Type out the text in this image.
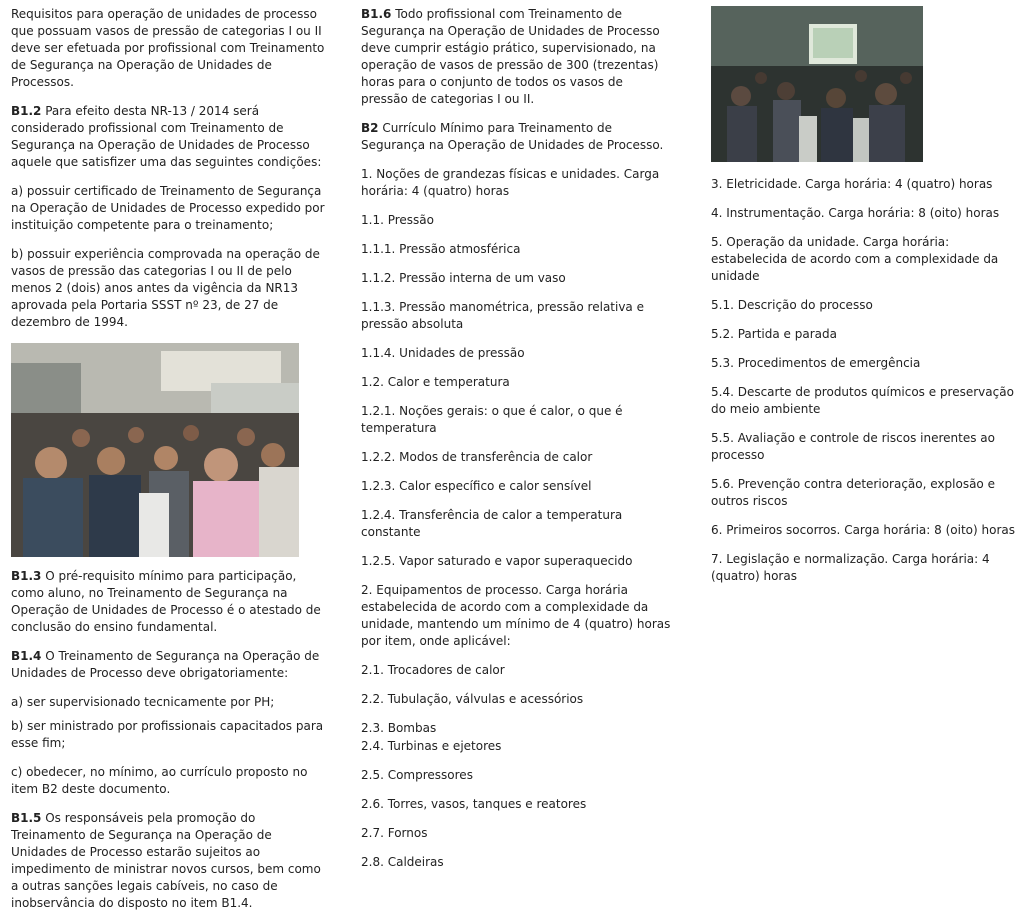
Requisitos para operação de unidades de processo que possuam vasos de pressão de categorias I ou II deve ser efetuada por profissional com Treinamento de Segurança na Operação de Unidades de Processos.

B1.2 Para efeito desta NR-13 / 2014 será considerado profissional com Treinamento de Segurança na Operação de Unidades de Processo aquele que satisfizer uma das seguintes condições:

a) possuir certificado de Treinamento de Segurança na Operação de Unidades de Processo expedido por instituição competente para o treinamento;

b) possuir experiência comprovada na operação de vasos de pressão das categorias I ou II de pelo menos 2 (dois) anos antes da vigência da NR13 aprovada pela Portaria SSST nº 23, de 27 de dezembro de 1994.

B1.3 O pré-requisito mínimo para participação, como aluno, no Treinamento de Segurança na Operação de Unidades de Processo é o atestado de conclusão do ensino fundamental.

B1.4 O Treinamento de Segurança na Operação de Unidades de Processo deve obrigatoriamente:

a) ser supervisionado tecnicamente por PH;

b) ser ministrado por profissionais capacitados para esse fim;

c) obedecer, no mínimo, ao currículo proposto no item B2 deste documento.

B1.5 Os responsáveis pela promoção do Treinamento de Segurança na Operação de Unidades de Processo estarão sujeitos ao impedimento de ministrar novos cursos, bem como a outras sanções legais cabíveis, no caso de inobservância do disposto no item B1.4.

B1.6 Todo profissional com Treinamento de Segurança na Operação de Unidades de Processo deve cumprir estágio prático, supervisionado, na operação de vasos de pressão de 300 (trezentas) horas para o conjunto de todos os vasos de pressão de categorias I ou II.

B2 Currículo Mínimo para Treinamento de Segurança na Operação de Unidades de Processo.

1. Noções de grandezas físicas e unidades. Carga horária: 4 (quatro) horas

1.1. Pressão

1.1.1. Pressão atmosférica

1.1.2. Pressão interna de um vaso

1.1.3. Pressão manométrica, pressão relativa e pressão absoluta

1.1.4. Unidades de pressão

1.2. Calor e temperatura

1.2.1. Noções gerais: o que é calor, o que é temperatura

1.2.2. Modos de transferência de calor

1.2.3. Calor específico e calor sensível

1.2.4. Transferência de calor a temperatura constante

1.2.5. Vapor saturado e vapor superaquecido

2. Equipamentos de processo. Carga horária estabelecida de acordo com a complexidade da unidade, mantendo um mínimo de 4 (quatro) horas por item, onde aplicável:

2.1. Trocadores de calor

2.2. Tubulação, válvulas e acessórios

2.3. Bombas

2.4. Turbinas e ejetores

2.5. Compressores

2.6. Torres, vasos, tanques e reatores

2.7. Fornos

2.8. Caldeiras

3. Eletricidade. Carga horária: 4 (quatro) horas

4. Instrumentação. Carga horária: 8 (oito) horas

5. Operação da unidade. Carga horária: estabelecida de acordo com a complexidade da unidade

5.1. Descrição do processo

5.2. Partida e parada

5.3. Procedimentos de emergência

5.4. Descarte de produtos químicos e preservação do meio ambiente

5.5. Avaliação e controle de riscos inerentes ao processo

5.6. Prevenção contra deterioração, explosão e outros riscos

6. Primeiros socorros. Carga horária: 8 (oito) horas

7. Legislação e normalização. Carga horária: 4 (quatro) horas
